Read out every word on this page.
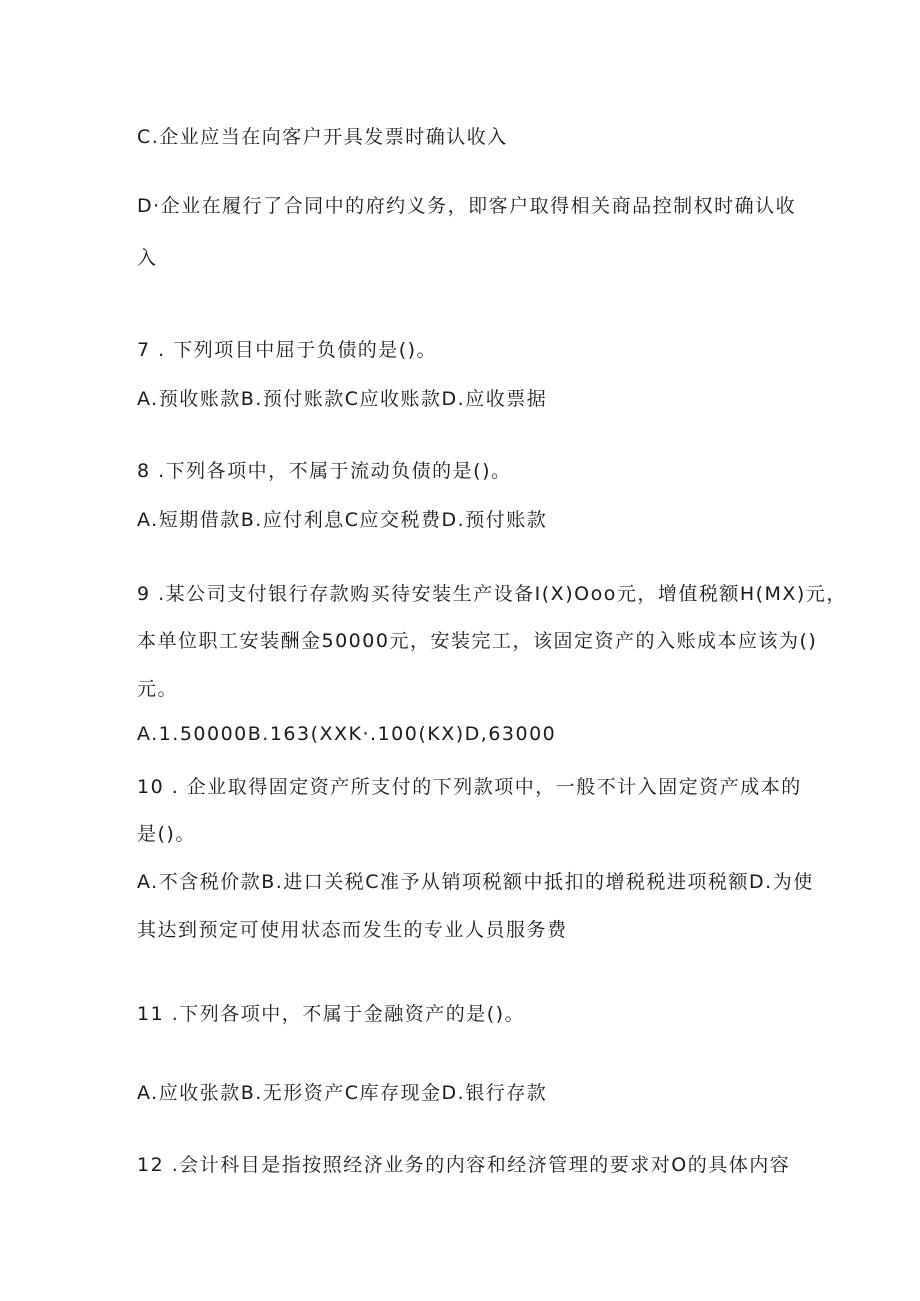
C.企业应当在向客户开具发票时确认收入

D·企业在履行了合同中的府约义务，即客户取得相关商品控制权时确认收

入

7 . 下列项目中屈于负债的是()。

A.预收账款B.预付账款C应收账款D.应收票据

8 .下列各项中，不属于流动负债的是()。

A.短期借款B.应付利息C应交税费D.预付账款

9 .某公司支付银行存款购买待安装生产设备I(X)Ooo元，增值税额H(MX)元，

本单位职工安装酬金50000元，安装完工，该固定资产的入账成本应该为()

元。

A.1.50000B.163(XXK·.100(KX)D,63000

10 . 企业取得固定资产所支付的下列款项中，一般不计入固定资产成本的

是()。

A.不含税价款B.进口关税C准予从销项税额中抵扣的增税税进项税额D.为使

其达到预定可使用状态而发生的专业人员服务费

11 .下列各项中，不属于金融资产的是()。

A.应收张款B.无形资产C库存现金D.银行存款

12 .会计科目是指按照经济业务的内容和经济管理的要求对O的具体内容
